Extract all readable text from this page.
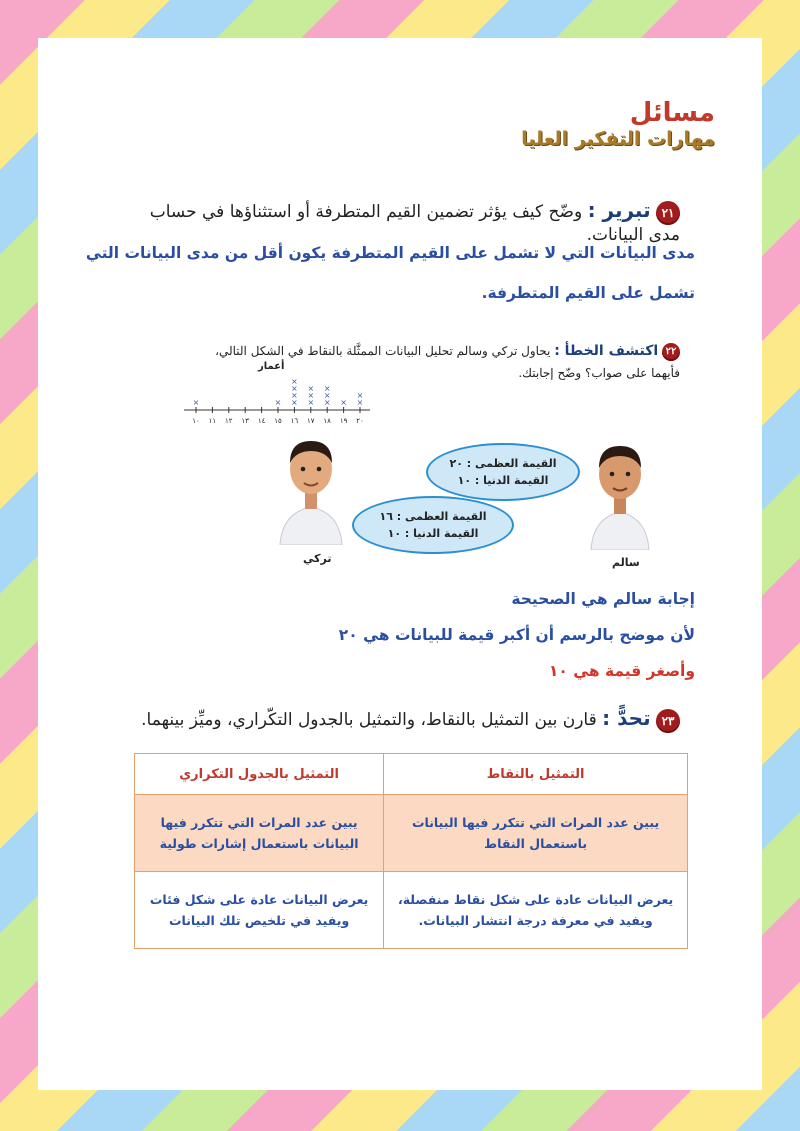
مسائل
مهارات التفكير العليا
٢١ تبرير : وضّح كيف يؤثر تضمين القيم المتطرفة أو استثناؤها في حساب مدى البيانات.
مدى البيانات التي لا تشمل على القيم المتطرفة يكون أقل من مدى البيانات التي
تشمل على القيم المتطرفة.
٢٢ اكتشف الخطأ : يحاول تركي وسالم تحليل البيانات الممثَّلة بالنقاط في الشكل التالي،
فأيهما على صواب؟ وضّح إجابتك.
أعمار
١٠
×
١١ ١٢ ١٣ ١٤ ١٥
×
١٦
×
×
×
×
١٧
×
×
×
١٨
×
×
×
١٩
×
٢٠
×
×
القيمة العظمى : ٢٠
القيمة الدنيا : ١٠
سالم
القيمة العظمى : ١٦
القيمة الدنيا : ١٠
تركي
إجابة سالم هي الصحيحة
لأن موضح بالرسم أن أكبر قيمة للبيانات هي ٢٠
وأصغر قيمة هي ١٠
٢٣ تحدًّ : قارن بين التمثيل بالنقاط، والتمثيل بالجدول التكّراري، وميِّز بينهما.
التمثيل بالنقاط	التمثيل بالجدول التكراري
يبين عدد المرات التي تتكرر فيها البيانات باستعمال النقاط	يبين عدد المرات التي تتكرر فيها البيانات باستعمال إشارات طولية
يعرض البيانات عادة على شكل نقاط منفصلة، ويفيد في معرفة درجة انتشار البيانات.	يعرض البيانات عادة على شكل فئات ويفيد في تلخيص تلك البيانات
